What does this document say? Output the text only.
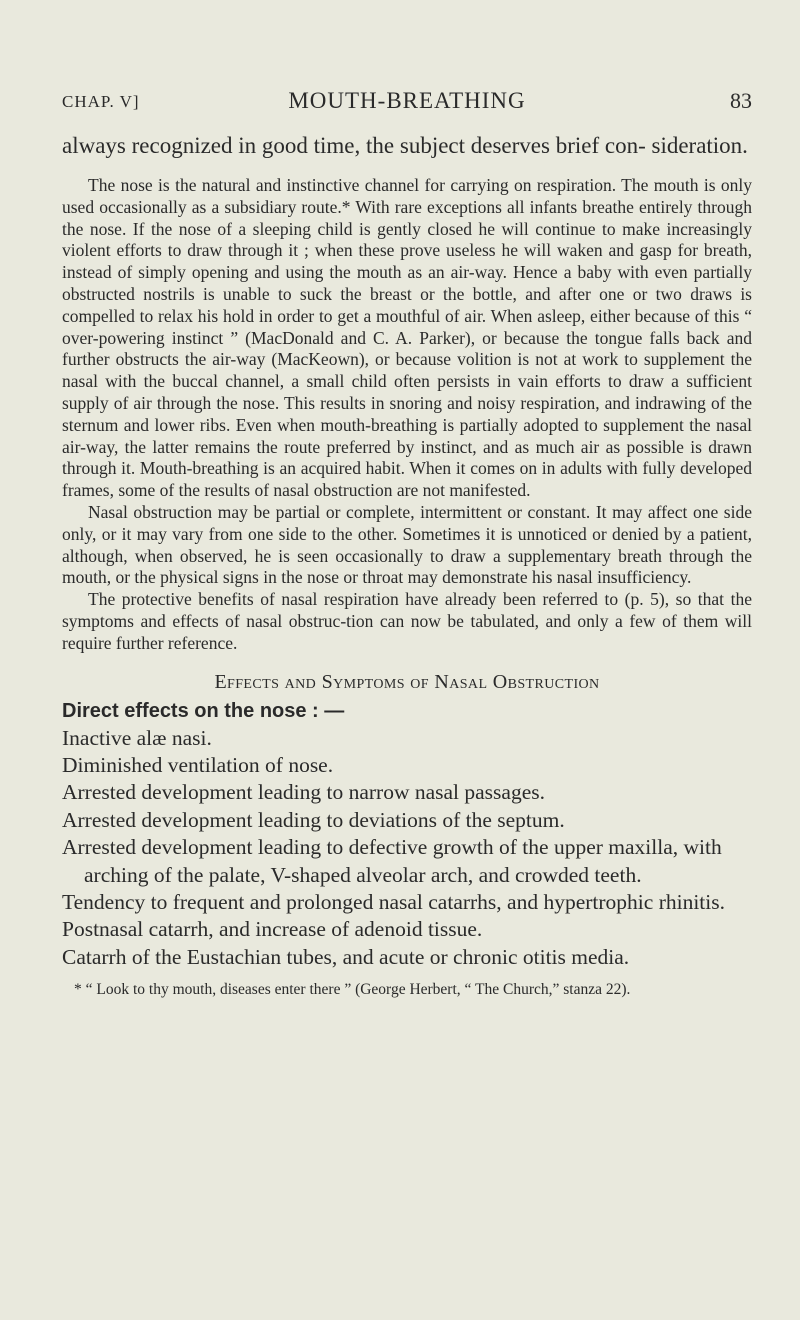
CHAP. V]	MOUTH-BREATHING	83

always recognized in good time, the subject deserves brief con- sideration.

The nose is the natural and instinctive channel for carrying on respiration. The mouth is only used occasionally as a subsidiary route.* With rare exceptions all infants breathe entirely through the nose. If the nose of a sleeping child is gently closed he will continue to make increasingly violent efforts to draw through it ; when these prove useless he will waken and gasp for breath, instead of simply opening and using the mouth as an air-way. Hence a baby with even partially obstructed nostrils is unable to suck the breast or the bottle, and after one or two draws is compelled to relax his hold in order to get a mouthful of air. When asleep, either because of this “ over-powering instinct ” (MacDonald and C. A. Parker), or because the tongue falls back and further obstructs the air-way (MacKeown), or because volition is not at work to supplement the nasal with the buccal channel, a small child often persists in vain efforts to draw a sufficient supply of air through the nose. This results in snoring and noisy respiration, and indrawing of the sternum and lower ribs. Even when mouth-breathing is partially adopted to supplement the nasal air-way, the latter remains the route preferred by instinct, and as much air as possible is drawn through it. Mouth-breathing is an acquired habit. When it comes on in adults with fully developed frames, some of the results of nasal obstruction are not manifested.

Nasal obstruction may be partial or complete, intermittent or constant. It may affect one side only, or it may vary from one side to the other. Sometimes it is unnoticed or denied by a patient, although, when observed, he is seen occasionally to draw a supplementary breath through the mouth, or the physical signs in the nose or throat may demonstrate his nasal insufficiency.

The protective benefits of nasal respiration have already been referred to (p. 5), so that the symptoms and effects of nasal obstruc-tion can now be tabulated, and only a few of them will require further reference.

Effects and Symptoms of Nasal Obstruction
Direct effects on the nose : —

Inactive alæ nasi.

Diminished ventilation of nose.

Arrested development leading to narrow nasal passages.

Arrested development leading to deviations of the septum.

Arrested development leading to defective growth of the upper maxilla, with arching of the palate, V-shaped alveolar arch, and crowded teeth.

Tendency to frequent and prolonged nasal catarrhs, and hypertrophic rhinitis.

Postnasal catarrh, and increase of adenoid tissue.

Catarrh of the Eustachian tubes, and acute or chronic otitis media.

* “ Look to thy mouth, diseases enter there ” (George Herbert, “ The Church,” stanza 22).
